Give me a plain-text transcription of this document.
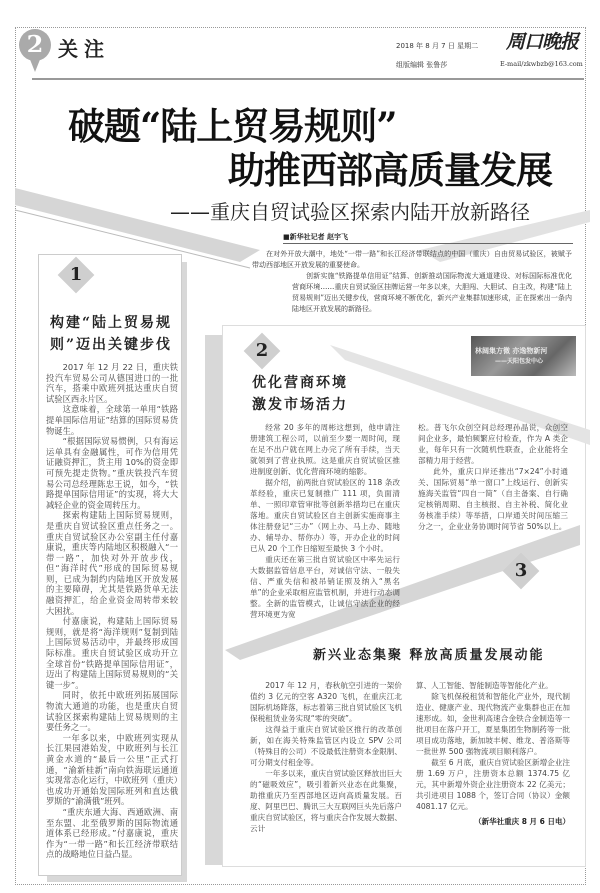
2 关注	2018 年 8 月 7 日 星期二 周口晚报
组版编辑 张鲁莎	E-mail/zkwbzb@163.com
破题“陆上贸易规则”
助推西部高质量发展
——重庆自贸试验区探索内陆开放新路径
■新华社记者 赵宇飞
在对外开放大潮中，地处“一带一路”和长江经济带联结点的中国（重庆）自由贸易试验区，被赋予带动西部地区开放发展的重要使命。
创新实施“铁路提单信用证”结算、创新推动国际物流大通道建设、对标国际标准优化营商环境……重庆自贸试验区挂牌运营一年多以来，大胆闯、大胆试、自主改，构建“陆上贸易规则”迈出关键步伐，营商环境不断优化，新兴产业集群加速形成，正在探索出一条内陆地区开放发展的新路径。
1
构建“陆上贸易规则”迈出关键步伐

2017 年 12 月 22 日，重庆铁投汽车贸易公司从德国进口的一批汽车，搭乘中欧班列抵达重庆自贸试验区西永片区。

这意味着，全球第一单用“铁路提单国际信用证”结算的国际贸易货物诞生。

“根据国际贸易惯例，只有海运运单具有金融属性，可作为信用凭证融资押汇，货主用 10%的资金即可预先提走货物。”重庆铁投汽车贸易公司总经理陈忠王说，如今，“铁路提单国际信用证”的实现，将大大减轻企业的资金周转压力。

探索构建陆上国际贸易规则，是重庆自贸试验区重点任务之一。重庆自贸试验区办公室副主任付嘉康说，重庆等内陆地区积极融入“一带一路”，加快对外开放步伐，但“海洋时代”形成的国际贸易规则，已成为制约内陆地区开放发展的主要障碍，尤其是铁路货单无法融资押汇，给企业资金周转带来较大困扰。

付嘉康说，构建陆上国际贸易规则，就是将“海洋规则”复制到陆上国际贸易活动中，并最终形成国际标准。重庆自贸试验区成功开立全球首份“铁路提单国际信用证”，迈出了构建陆上国际贸易规则的“关键一步”。

同时，依托中欧班列拓展国际物流大通道的功能，也是重庆自贸试验区探索构建陆上贸易规则的主要任务之一。

一年多以来，中欧班列实现从长江果园港始发，中欧班列与长江黄金水道的“最后一公里”正式打通，“渝新桂新”南向铁海联运通道实现常态化运行，中欧班列（重庆）也成功开通始发国际班列和直达俄罗斯的“渝满俄”班列。

“重庆东通大海、西通欧洲、南至东盟、北至俄罗斯的国际物流通道体系已经形成。”付嘉康说，重庆作为“一带一路”和长江经济带联结点的战略地位日益凸显。

林阔集方微 亦逸物新河
——天阳包发中心
2
优化营商环境
激发市场活力

经常 20 多年的周彬这想到，他申请注册建筑工程公司，以前至少要一周时间，现在足不出户就在网上办完了所有手续，当天就领到了营业执照。这是重庆自贸试验区推进制度创新、优化营商环境的缩影。

据介绍，前两批自贸试验区的 118 条改革经验，重庆已复制推广 111 项，负面清单、一照印章管审批等创新举措均已在重庆落地。重庆自贸试验区自主创新实施商事主体注册登记“三办”（网上办、马上办、随地办、辅导办、帮你办）等，开办企业的时间已从 20 个工作日缩短至最快 3 个小时。

重庆还在第三批自贸试验区中率先运行大数据监管信息平台，对诚信守法、一般失信、严重失信和被吊销证照及纳入“黑名单”的企业采取相应监管机制，并进行动态调整。全新的监管模式，让诚信守法企业的经营环境更为宽

松。普飞尔众创空间总经理孙晶说，众创空间企业多，最怕频繁应付检查，作为 A 类企业，每年只有一次随机性联查，企业能将全部精力用于经营。

此外，重庆口岸还推出“7×24”小时通关、国际贸易“单一窗口”上线运行、创新实施海关监管“四自一简”（自主备案、自行确定核销周期、自主核报、自主补税、简化业务核准手续）等举措，口岸通关时间压缩三分之一，企业业务协调时间节省 50%以上。

3
新兴业态集聚 释放高质量发展动能

2017 年 12 月，春秋航空引进的一架价值约 3 亿元的空客 A320 飞机，在重庆江北国际机场降落，标志着第三批自贸试验区飞机保税租赁业务实现“零的突破”。

这得益于重庆自贸试验区推行的改革创新，如在海关特殊监管区内设立 SPV 公司（特殊目的公司）不设最低注册资本金限制、可分期支付租金等。

一年多以来，重庆自贸试验区释放出巨大的“磁吸效应”，吸引着新兴业态在此集聚，助推重庆乃至西部地区迈向高质量发展。百度、阿里巴巴、腾讯三大互联网巨头先后落户重庆自贸试验区，将与重庆合作发展大数据、云计

算、人工智能、智能制造等智能化产业。

除飞机保税租赁和智能化产业外，现代制造业、健康产业、现代物流产业集群也正在加速形成。如，金世利高速合金铁合金制造等一批项目在落户开工，夏星集团生物制药等一批项目成功落地，新加坡丰树、维龙、普洛斯等一批世界 500 强物流项目顺利落户。

截至 6 月底，重庆自贸试验区新增企业注册 1.69 万户，注册资本总额 1374.75 亿元，其中新增外资企业注册资本 22 亿美元；共引进项目 1088 个，签订合同（协议）金额 4081.17 亿元。

（新华社重庆 8 月 6 日电）
